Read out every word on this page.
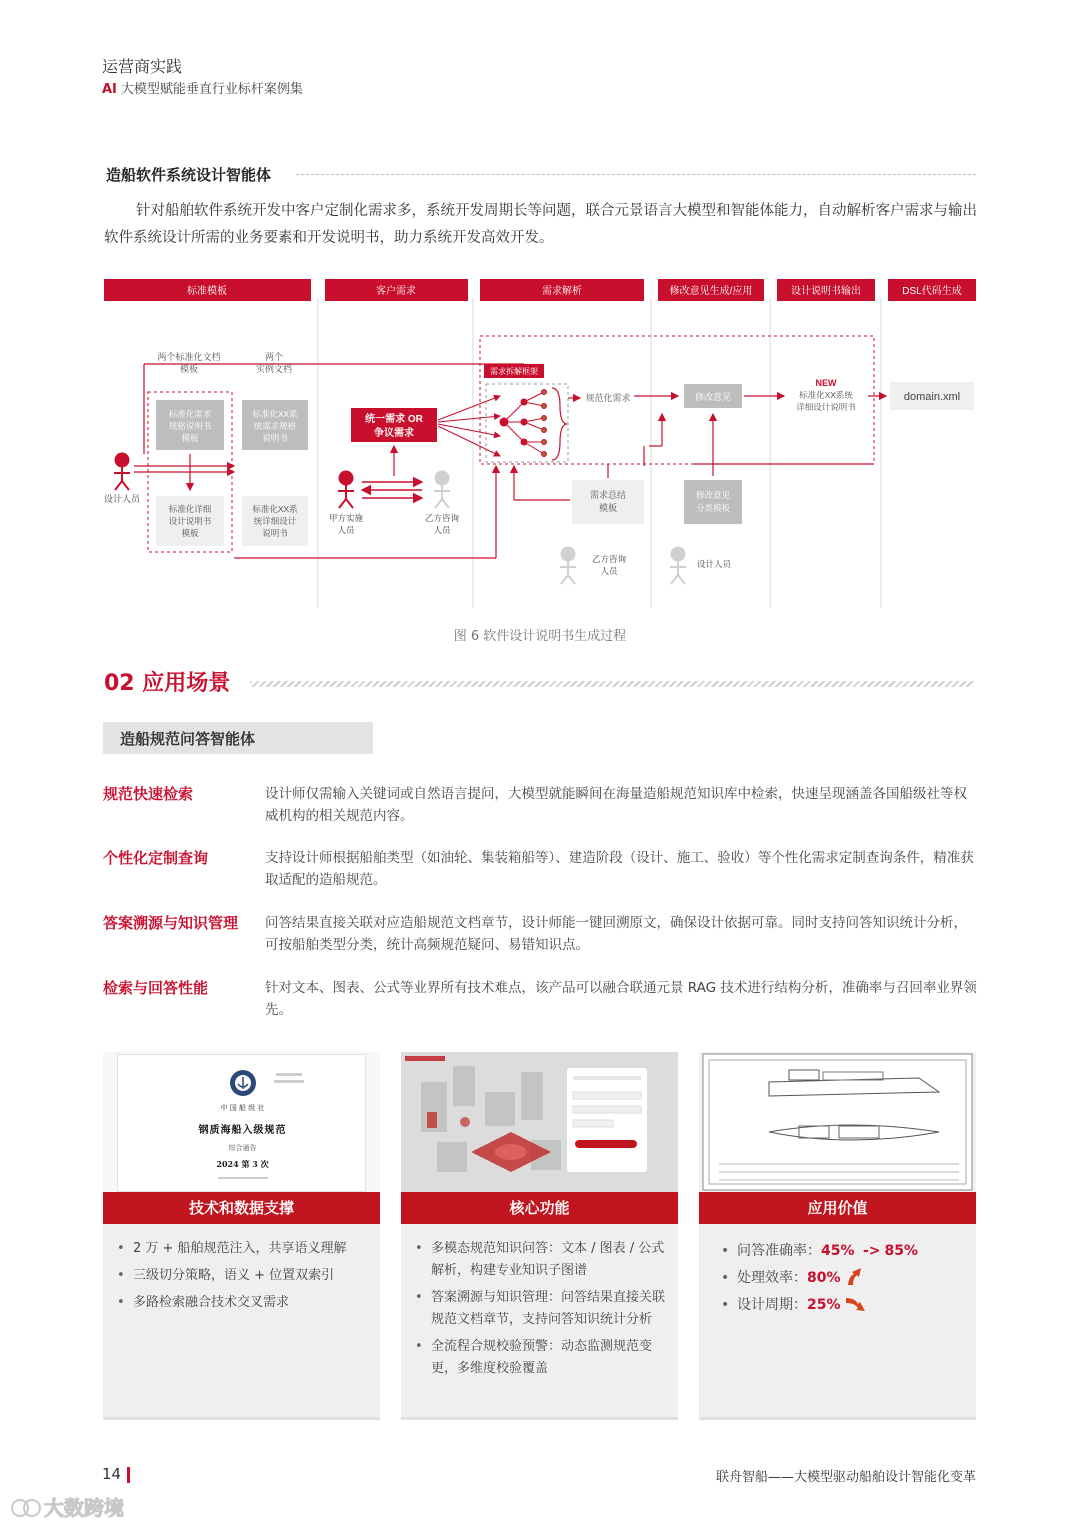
运营商实践
AI 大模型赋能垂直行业标杆案例集
造船软件系统设计智能体

针对船舶软件系统开发中客户定制化需求多，系统开发周期长等问题，联合元景语言大模型和智能体能力，自动解析客户需求与输出软件系统设计所需的业务要素和开发说明书，助力系统开发高效开发。

标准模板	客户需求	需求解析	修改意见生成/应用	设计说明书输出	DSL代码生成
设计人员
两个标准化文档模板
两个实例文档
标准化需求规格说明书模板
标准化详细设计说明书模板
标准化XX系统需求规格说明书
标准化XX系统详细设计说明书
统一需求 OR 争议需求
甲方实施人员
乙方咨询人员
需求拆解框架
规范化需求	修改意见
NEW
标准化XX系统详细设计说明书
domain.xml
需求总结模板
修改意见分类模板
乙方咨询人员
设计人员
图 6 软件设计说明书生成过程
02 应用场景
造船规范问答智能体
规范快速检索	设计师仅需输入关键词或自然语言提问，大模型就能瞬间在海量造船规范知识库中检索，快速呈现涵盖各国船级社等权威机构的相关规范内容。
个性化定制查询	支持设计师根据船舶类型（如油轮、集装箱船等）、建造阶段（设计、施工、验收）等个性化需求定制查询条件，精准获取适配的造船规范。
答案溯源与知识管理 问答结果直接关联对应造船规范文档章节，设计师能一键回溯原文，确保设计依据可靠。同时支持问答知识统计分析，可按船舶类型分类，统计高频规范疑问、易错知识点。
检索与回答性能	针对文本、图表、公式等业界所有技术难点，该产品可以融合联通元景 RAG 技术进行结构分析，准确率与召回率业界领先。
中 国 船 级 社
钢质海船入级规范
综合通告
2024 第 3 次
技术和数据支撑
• 2 万 + 船舶规范注入，共享语义理解
• 三级切分策略，语义 + 位置双索引
• 多路检索融合技术交叉需求
核心功能
• 多模态规范知识问答：文本 / 图表 / 公式解析，构建专业知识子图谱
• 答案溯源与知识管理：问答结果直接关联规范文档章节，支持问答知识统计分析
• 全流程合规校验预警：动态监测规范变更，多维度校验覆盖
应用价值
• 问答准确率：45% -> 85%
• 处理效率：80%
• 设计周期：25%
14	联舟智船——大模型驱动船舶设计智能化变革
大数跨境
